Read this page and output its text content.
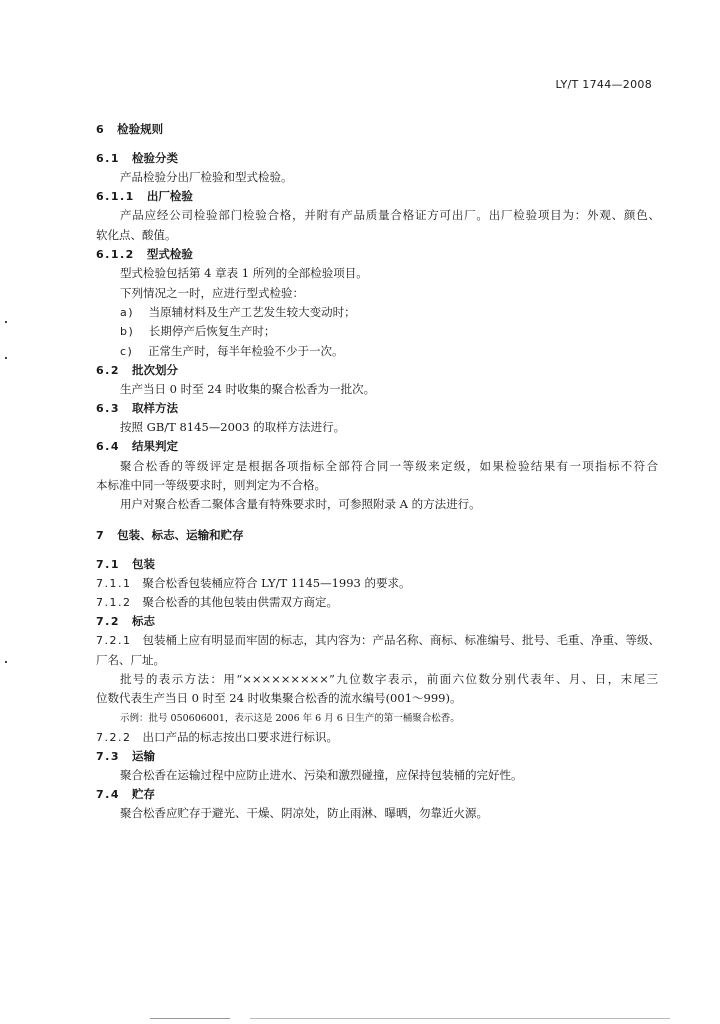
LY/T 1744—2008
6 检验规则
6.1 检验分类
产品检验分出厂检验和型式检验。
6.1.1 出厂检验
产品应经公司检验部门检验合格，并附有产品质量合格证方可出厂。出厂检验项目为：外观、颜色、
软化点、酸值。
6.1.2 型式检验
型式检验包括第 4 章表 1 所列的全部检验项目。
下列情况之一时，应进行型式检验：
a) 当原辅材料及生产工艺发生较大变动时；
b) 长期停产后恢复生产时；
c) 正常生产时，每半年检验不少于一次。
6.2 批次划分
生产当日 0 时至 24 时收集的聚合松香为一批次。
6.3 取样方法
按照 GB/T 8145—2003 的取样方法进行。
6.4 结果判定
聚合松香的等级评定是根据各项指标全部符合同一等级来定级，如果检验结果有一项指标不符合
本标准中同一等级要求时，则判定为不合格。
用户对聚合松香二聚体含量有特殊要求时，可参照附录 A 的方法进行。
7 包装、标志、运输和贮存
7.1 包装
7.1.1 聚合松香包装桶应符合 LY/T 1145—1993 的要求。
7.1.2 聚合松香的其他包装由供需双方商定。
7.2 标志
7.2.1 包装桶上应有明显而牢固的标志，其内容为：产品名称、商标、标准编号、批号、毛重、净重、等级、
厂名、厂址。
批号的表示方法：用“×××××××××”九位数字表示，前面六位数分别代表年、月、日，末尾三
位数代表生产当日 0 时至 24 时收集聚合松香的流水编号(001～999)。
示例：批号 050606001，表示这是 2006 年 6 月 6 日生产的第一桶聚合松香。
7.2.2 出口产品的标志按出口要求进行标识。
7.3 运输
聚合松香在运输过程中应防止进水、污染和激烈碰撞，应保持包装桶的完好性。
7.4 贮存
聚合松香应贮存于避光、干燥、阴凉处，防止雨淋、曝晒，勿靠近火源。
